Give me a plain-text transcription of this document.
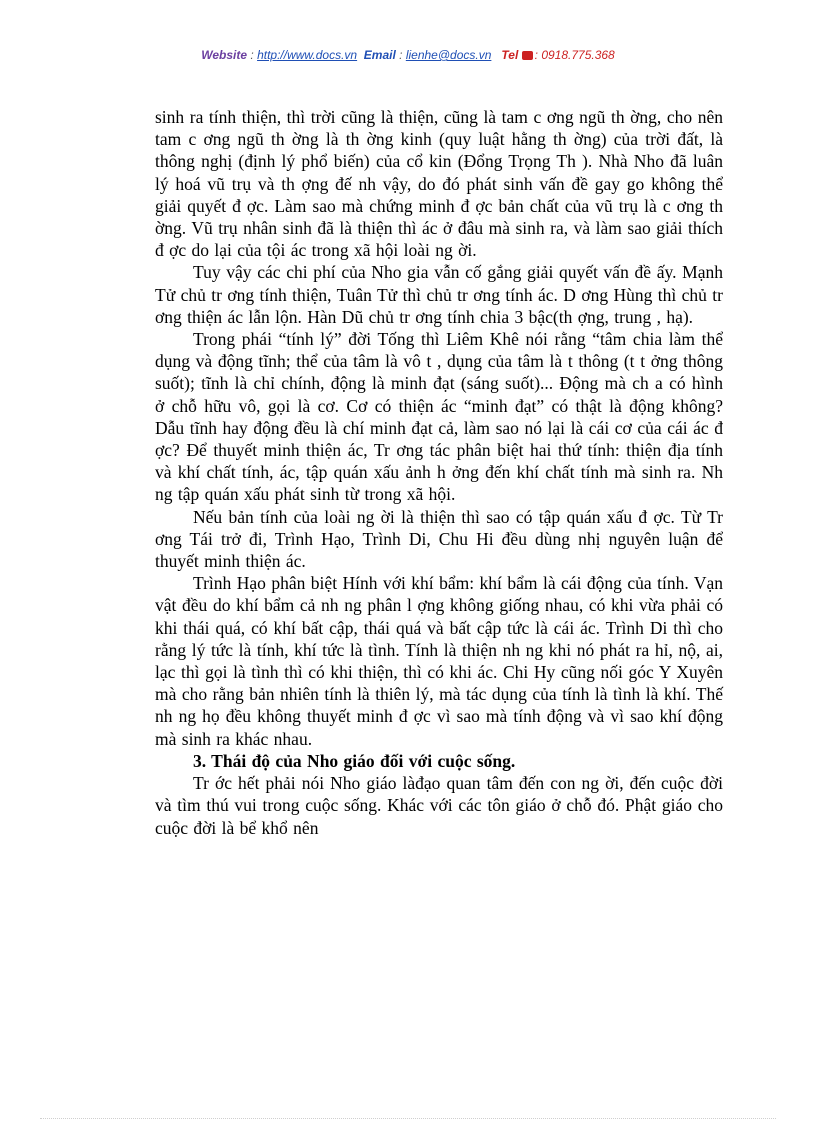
Website : http://www.docs.vn Email : lienhe@docs.vn Tel : 0918.775.368

sinh ra tính thiện, thì trời cũng là thiện, cũng là tam c ơng ngũ th ờng, cho nên tam c ơng ngũ th ờng là th ờng kinh (quy luật hằng th ờng) của trời đất, là thông nghị (định lý phổ biến) của cổ kin (Đổng Trọng Th ). Nhà Nho đã luân lý hoá vũ trụ và th ợng đế nh vậy, do đó phát sinh vấn đề gay go không thể giải quyết đ ợc. Làm sao mà chứng minh đ ợc bản chất của vũ trụ là c ơng th ờng. Vũ trụ nhân sinh đã là thiện thì ác ở đâu mà sinh ra, và làm sao giải thích đ ợc do lại của tội ác trong xã hội loài ng ời.

Tuy vậy các chi phí của Nho gia vẫn cố gắng giải quyết vấn đề ấy. Mạnh Tử chủ tr ơng tính thiện, Tuân Tử thì chủ tr ơng tính ác. D ơng Hùng thì chủ tr ơng thiện ác lẫn lộn. Hàn Dũ chủ tr ơng tính chia 3 bậc(th ợng, trung , hạ).

Trong phái “tính lý” đời Tống thì Liêm Khê nói rằng “tâm chia làm thể dụng và động tĩnh; thể của tâm là vô t , dụng của tâm là t thông (t t ởng thông suốt); tĩnh là chỉ chính, động là minh đạt (sáng suốt)... Động mà ch a có hình ở chỗ hữu vô, gọi là cơ. Cơ có thiện ác “minh đạt” có thật là động không? Dẫu tĩnh hay động đều là chí minh đạt cả, làm sao nó lại là cái cơ của cái ác đ ợc? Để thuyết minh thiện ác, Tr ơng tác phân biệt hai thứ tính: thiện địa tính và khí chất tính, ác, tập quán xấu ảnh h ởng đến khí chất tính mà sinh ra. Nh ng tập quán xấu phát sinh từ trong xã hội.

Nếu bản tính của loài ng ời là thiện thì sao có tập quán xấu đ ợc. Từ Tr ơng Tái trở đi, Trình Hạo, Trình Di, Chu Hi đều dùng nhị nguyên luận để thuyết minh thiện ác.

Trình Hạo phân biệt Hính với khí bẩm: khí bẩm là cái động của tính. Vạn vật đều do khí bẩm cả nh ng phân l ợng không giống nhau, có khi vừa phải có khi thái quá, có khí bất cập, thái quá và bất cập tức là cái ác. Trình Di thì cho rằng lý tức là tính, khí tức là tình. Tính là thiện nh ng khi nó phát ra hỉ, nộ, ai, lạc thì gọi là tình thì có khi thiện, thì có khi ác. Chi Hy cũng nối góc Y Xuyên mà cho rằng bản nhiên tính là thiên lý, mà tác dụng của tính là tình là khí. Thế nh ng họ đều không thuyết minh đ ợc vì sao mà tính động và vì sao khí động mà sinh ra khác nhau.

3. Thái độ của Nho giáo đối với cuộc sống.

Tr ớc hết phải nói Nho giáo làđạo quan tâm đến con ng ời, đến cuộc đời và tìm thú vui trong cuộc sống. Khác với các tôn giáo ở chỗ đó. Phật giáo cho cuộc đời là bể khổ nên
